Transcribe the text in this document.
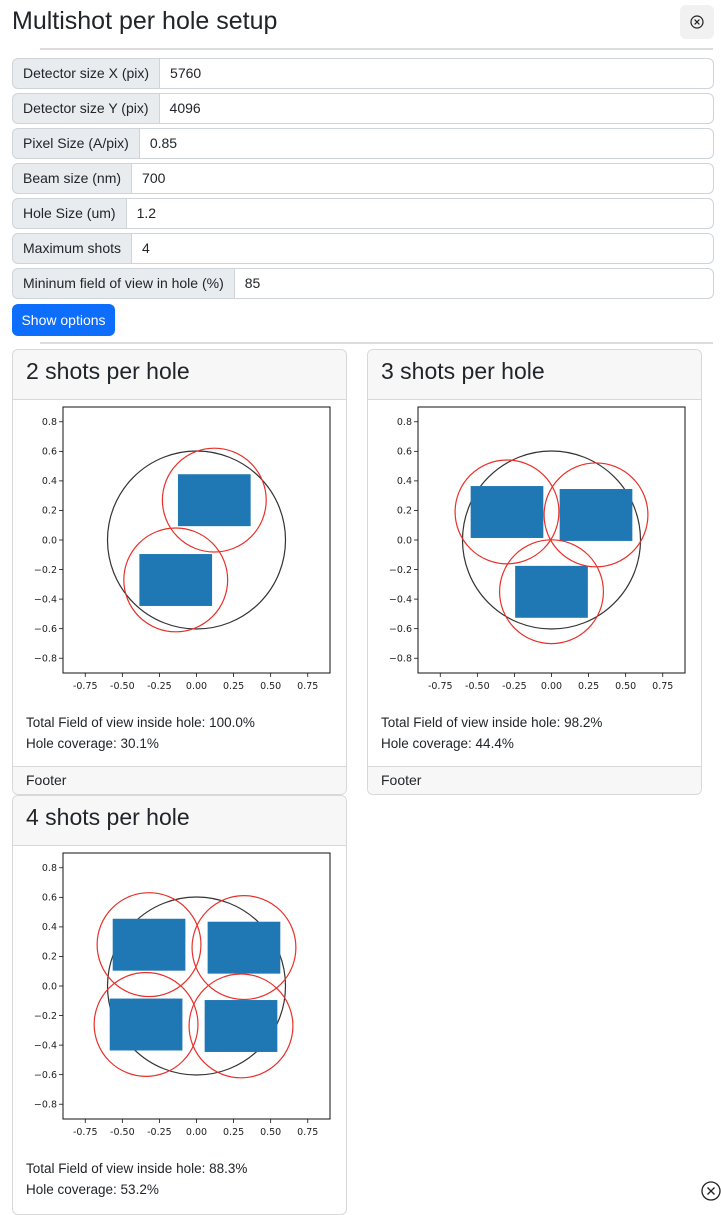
Multishot per hole setup
Detector size X (pix)	5760
Detector size Y (pix)	4096
Pixel Size (A/pix)	0.85
Beam size (nm)	700
Hole Size (um)	1.2
Maximum shots	4
Mininum field of view in hole (%)	85
Show options
2 shots per hole
-0.75 -0.50 -0.25 0.00 0.25 0.50 0.75
0.8
0.6
0.4
0.2
0.0
−0.2
−0.4
−0.6
−0.8
Total Field of view inside hole: 100.0%
Hole coverage: 30.1%
Footer
3 shots per hole
-0.75 -0.50 -0.25 0.00 0.25 0.50 0.75
0.8
0.6
0.4
0.2
0.0
−0.2
−0.4
−0.6
−0.8
Total Field of view inside hole: 98.2%
Hole coverage: 44.4%
Footer
4 shots per hole
-0.75 -0.50 -0.25 0.00 0.25 0.50 0.75
0.8
0.6
0.4
0.2
0.0
−0.2
−0.4
−0.6
−0.8
Total Field of view inside hole: 88.3%
Hole coverage: 53.2%
